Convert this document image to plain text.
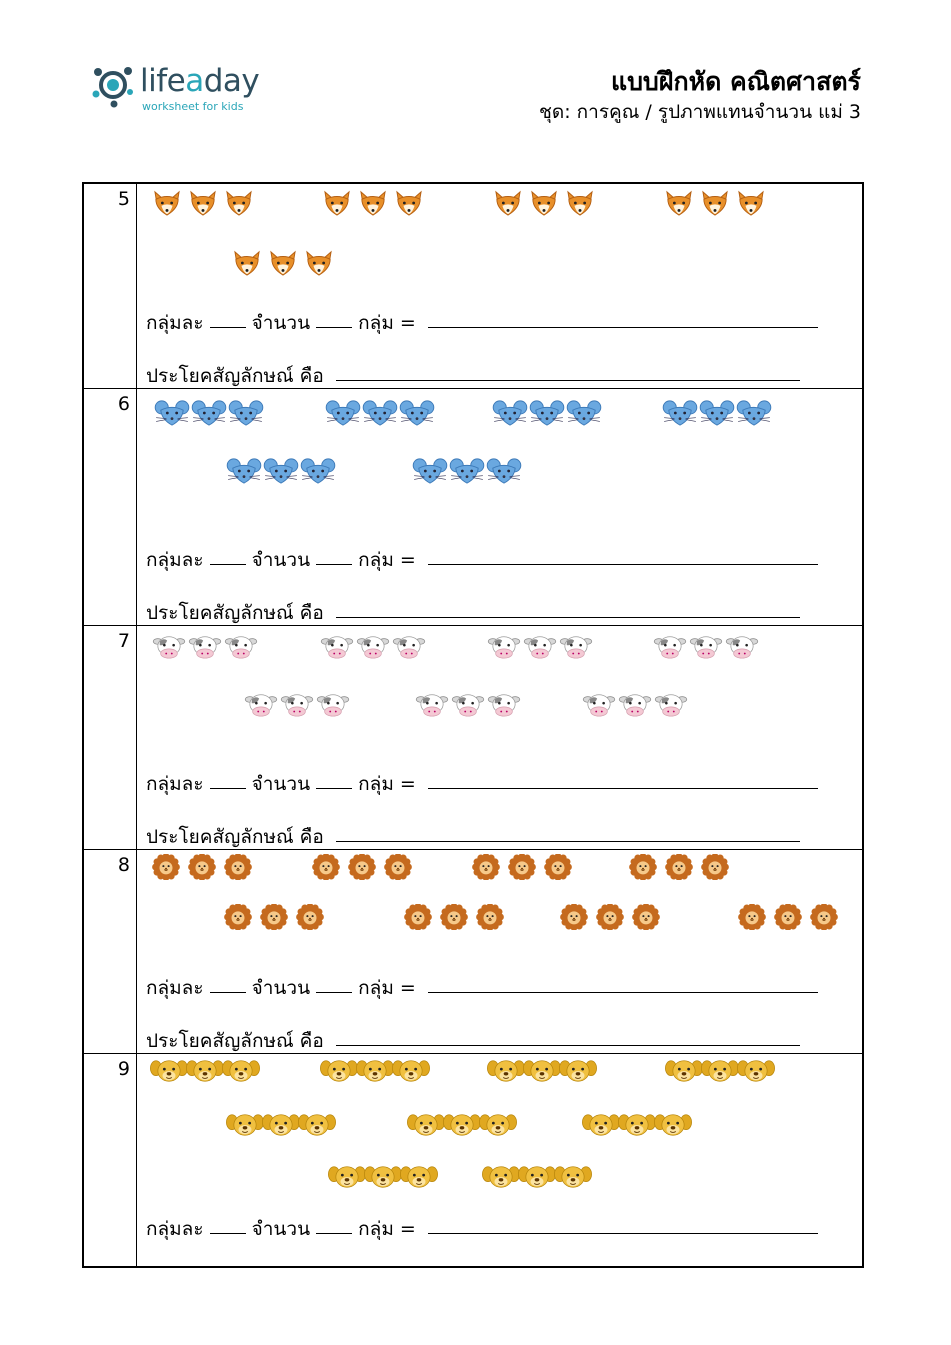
lifeaday
worksheet for kids
แบบฝึกหัด คณิตศาสตร์
ชุด: การคูณ / รูปภาพแทนจำนวน แม่ 3
5
กลุ่มละ	จำนวน	กลุ่ม =
ประโยคสัญลักษณ์ คือ
6
กลุ่มละ	จำนวน	กลุ่ม =
ประโยคสัญลักษณ์ คือ
7
กลุ่มละ	จำนวน	กลุ่ม =
ประโยคสัญลักษณ์ คือ
8
กลุ่มละ	จำนวน	กลุ่ม =
ประโยคสัญลักษณ์ คือ
9
กลุ่มละ	จำนวน	กลุ่ม =
